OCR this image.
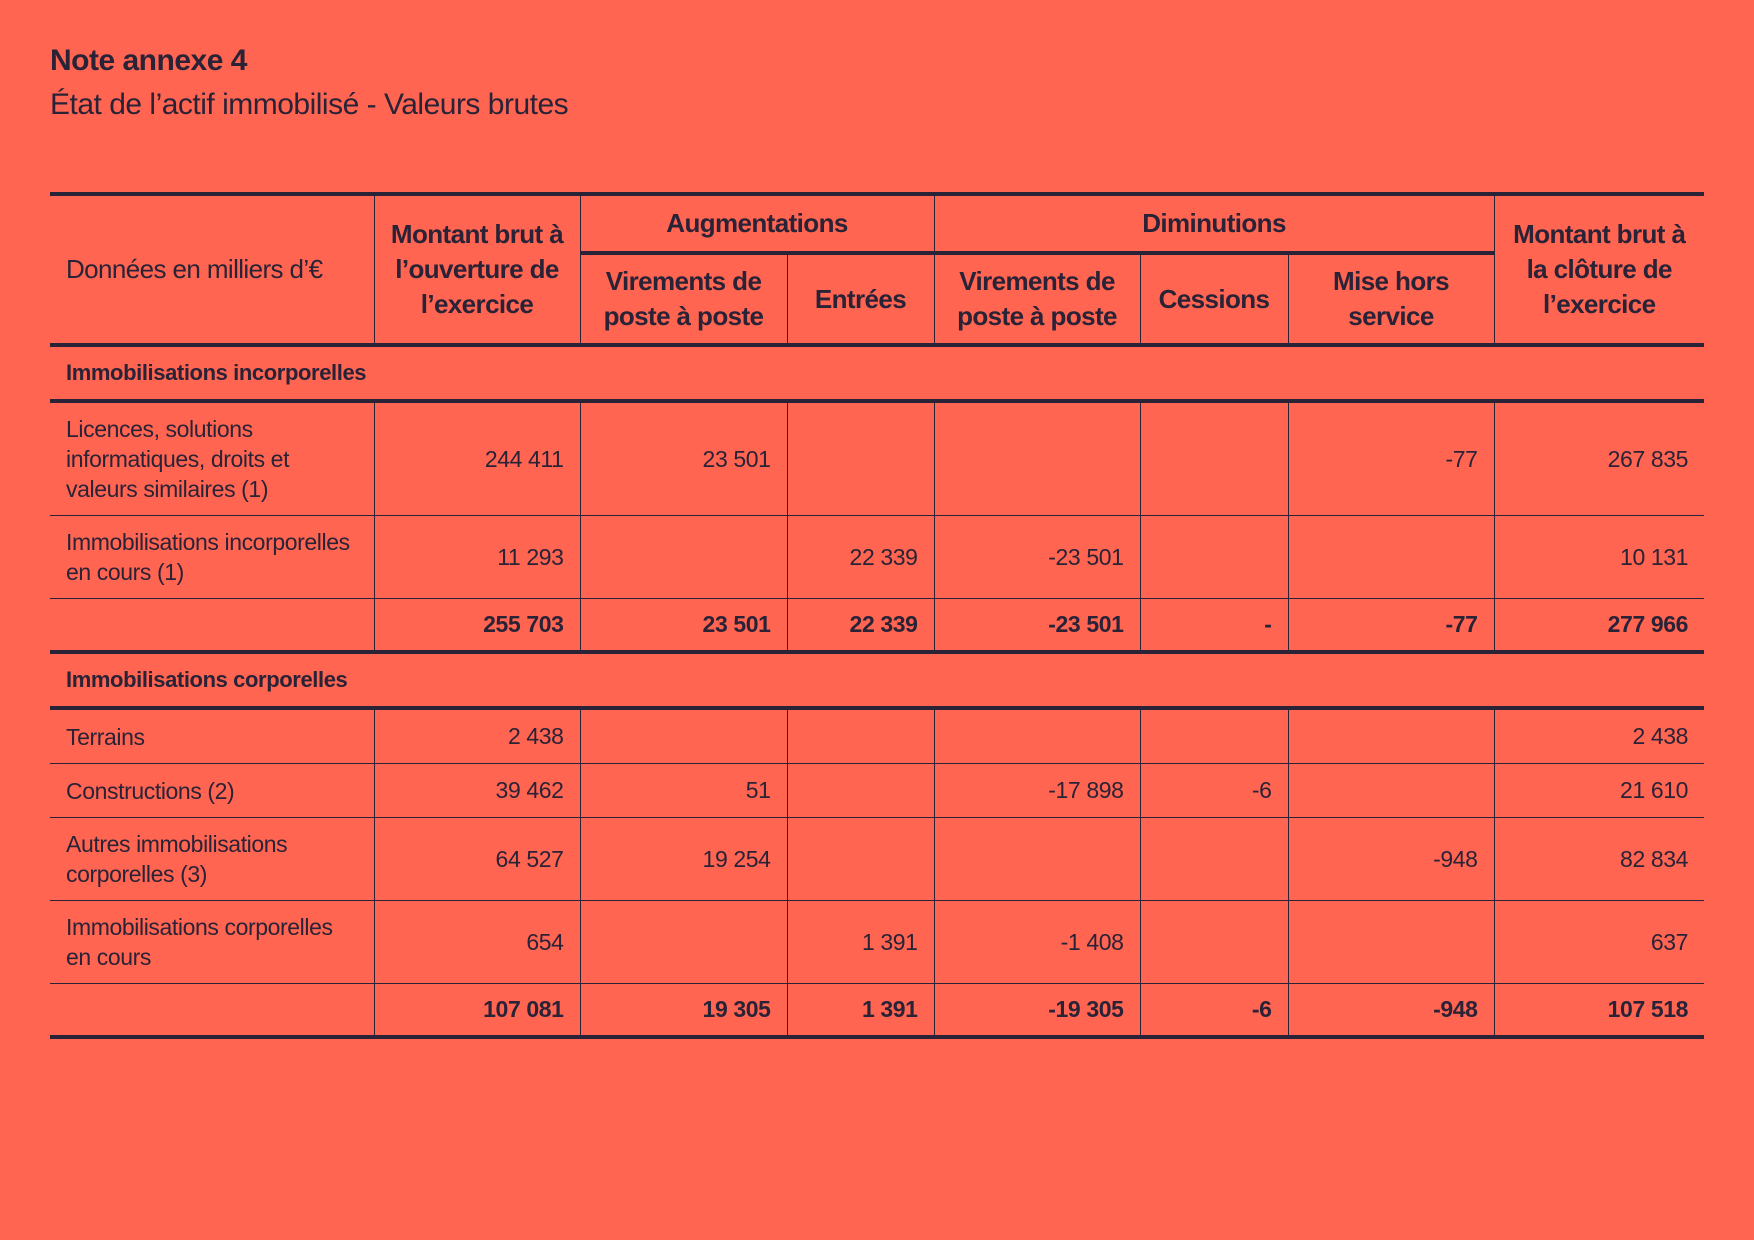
Note annexe 4
État de l’actif immobilisé - Valeurs brutes
Données en milliers d’€	Montant brut à l’ouverture de l’exercice	Augmentations		Diminutions			Montant brut à la clôture de l’exercice
		Virements de poste à poste	Entrées	Virements de poste à poste	Cessions	Mise hors service	
Immobilisations incorporelles							
Licences, solutions informatiques, droits et valeurs similaires (1)	244 411	23 501				-77	267 835
Immobilisations incorporelles en cours (1)	11 293		22 339	-23 501			10 131
	255 703	23 501	22 339	-23 501	-	-77	277 966
Immobilisations corporelles							
Terrains	2 438						2 438
Constructions (2)	39 462	51		-17 898	-6		21 610
Autres immobilisations corporelles (3)	64 527	19 254				-948	82 834
Immobilisations corporelles en cours	654		1 391	-1 408			637
	107 081	19 305	1 391	-19 305	-6	-948	107 518
